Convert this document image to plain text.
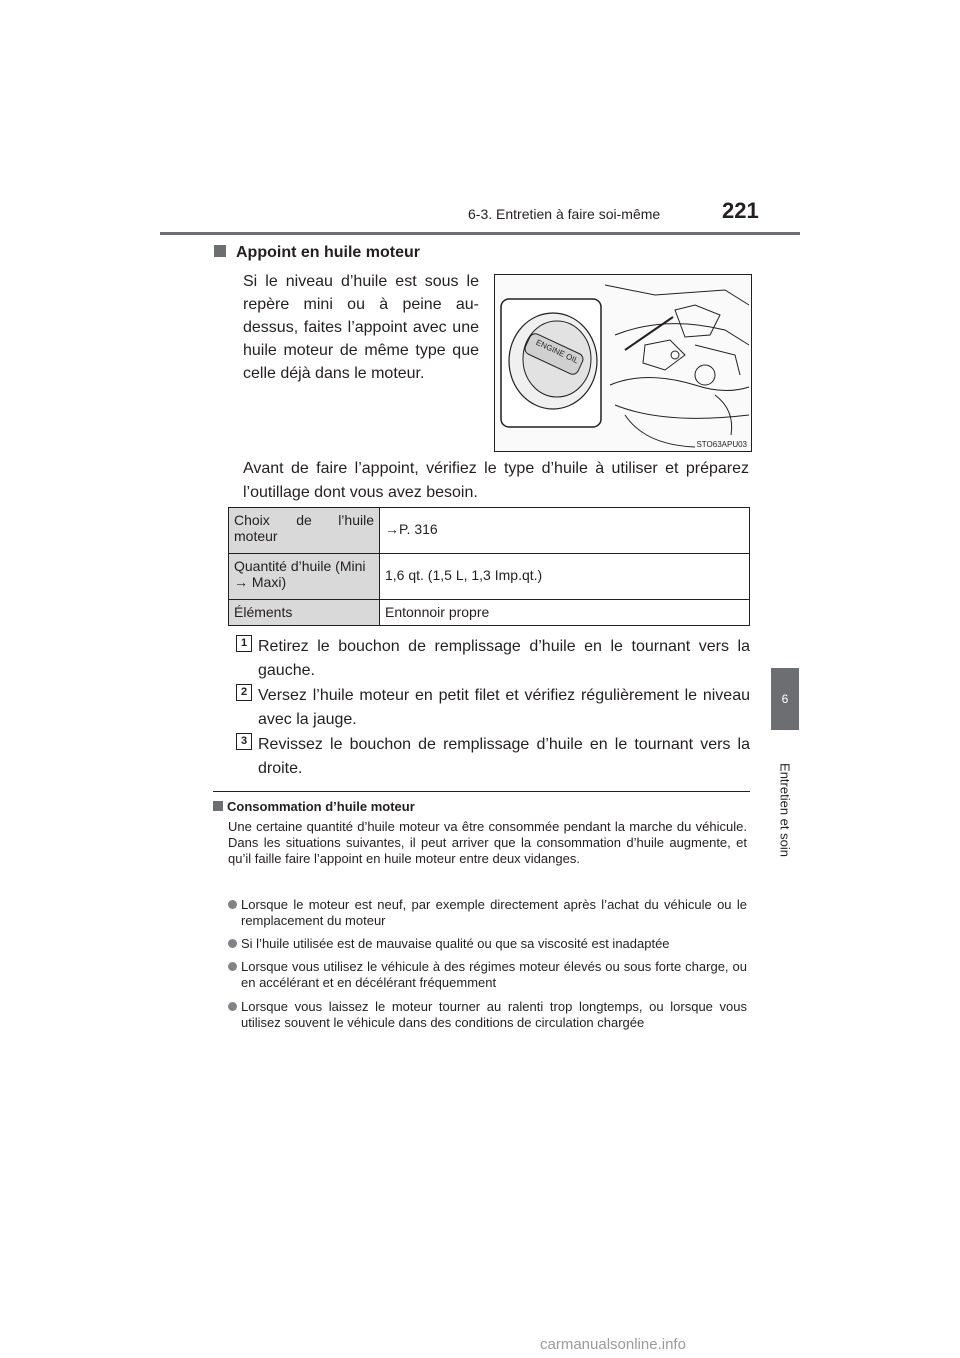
6-3. Entretien à faire soi-même	221
6
Entretien et soin
Appoint en huile moteur
Si le niveau d’huile est sous le repère mini ou à peine au-dessus, faites l’appoint avec une huile moteur de même type que celle déjà dans le moteur.
ENGINE OIL
STO63APU03
Avant de faire l’appoint, vérifiez le type d’huile à utiliser et préparez l’outillage dont vous avez besoin.
Choix de l’huile moteur	→P. 316
Quantité d’huile (Mini → Maxi)	1,6 qt. (1,5 L, 1,3 Imp.qt.)
Éléments	Entonnoir propre
1 Retirez le bouchon de remplissage d’huile en le tournant vers la gauche.
2 Versez l’huile moteur en petit filet et vérifiez régulièrement le niveau avec la jauge.
3 Revissez le bouchon de remplissage d’huile en le tournant vers la droite.
Consommation d’huile moteur
Une certaine quantité d’huile moteur va être consommée pendant la marche du véhicule. Dans les situations suivantes, il peut arriver que la consommation d’huile augmente, et qu’il faille faire l’appoint en huile moteur entre deux vidanges.
Lorsque le moteur est neuf, par exemple directement après l’achat du véhicule ou le remplacement du moteur
Si l’huile utilisée est de mauvaise qualité ou que sa viscosité est inadaptée
Lorsque vous utilisez le véhicule à des régimes moteur élevés ou sous forte charge, ou en accélérant et en décélérant fréquemment
Lorsque vous laissez le moteur tourner au ralenti trop longtemps, ou lorsque vous utilisez souvent le véhicule dans des conditions de circulation chargée
carmanualsonline.info
